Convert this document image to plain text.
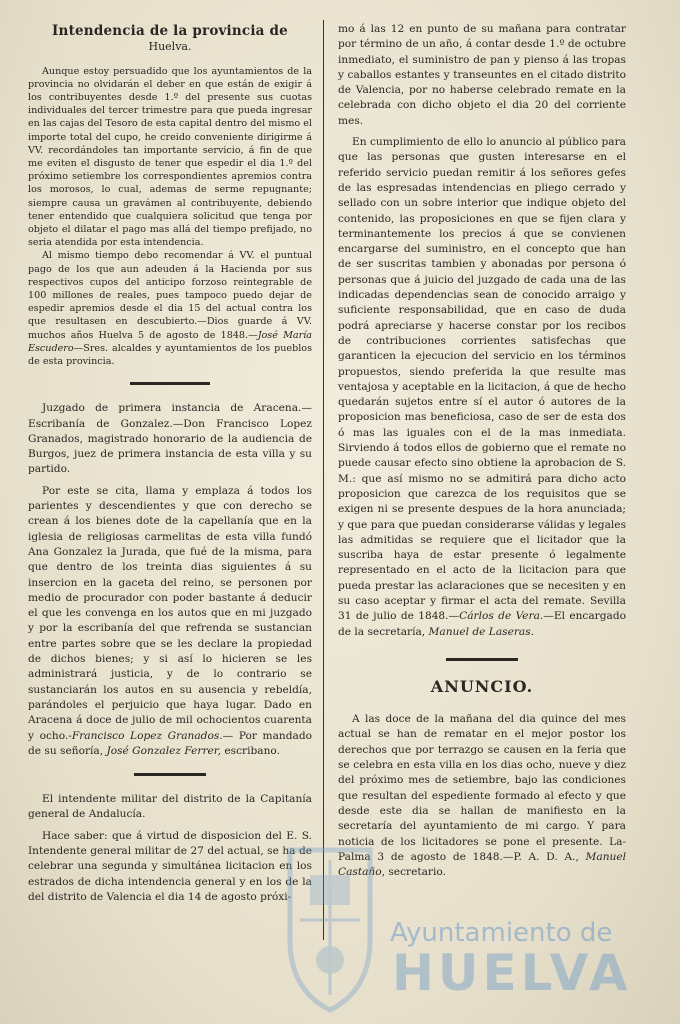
Intendencia de la provincia de
Huelva.

Aunque estoy persuadido que los ayuntamientos de la provincia no olvidarán el deber en que están de exigir á los contribuyentes desde 1.º del presente sus cuotas individuales del tercer trimestre para que pueda ingresar en las cajas del Tesoro de esta capital dentro del mismo el importe total del cupo, he creido conveniente dirigirme á VV. recordándoles tan importante servicio, á fin de que me eviten el disgusto de tener que espedir el dia 1.º del próximo setiembre los correspondientes apremios contra los morosos, lo cual, ademas de serme repugnante; siempre causa un gravámen al contribuyente, debiendo tener entendido que cualquiera solicitud que tenga por objeto el dilatar el pago mas allá del tiempo prefijado, no seria atendida por esta intendencia.

Al mismo tiempo debo recomendar á VV. el puntual pago de los que aun adeuden á la Hacienda por sus respectivos cupos del anticipo forzoso reintegrable de 100 millones de reales, pues tampoco puedo dejar de espedir apremios desde el dia 15 del actual contra los que resultasen en descubierto.—Dios guarde á VV. muchos años Huelva 5 de agosto de 1848.—José María Escudero—Sres. alcaldes y ayuntamientos de los pueblos de esta provincia.

Juzgado de primera instancia de Aracena.—Escribanía de Gonzalez.—Don Francisco Lopez Granados, magistrado honorario de la audiencia de Burgos, juez de primera instancia de esta villa y su partido.

Por este se cita, llama y emplaza á todos los parientes y descendientes y que con derecho se crean á los bienes dote de la capellanía que en la iglesia de religiosas carmelitas de esta villa fundó Ana Gonzalez la Jurada, que fué de la misma, para que dentro de los treinta dias siguientes á su insercion en la gaceta del reino, se personen por medio de procurador con poder bastante á deducir el que les convenga en los autos que en mi juzgado y por la escribanía del que refrenda se sustancian entre partes sobre que se les declare la propiedad de dichos bienes; y si así lo hicieren se les administrará justicia, y de lo contrario se sustanciarán los autos en su ausencia y rebeldía, parándoles el perjuicio que haya lugar. Dado en Aracena á doce de julio de mil ochocientos cuarenta y ocho.-Francisco Lopez Granados.— Por mandado de su señoría, José Gonzalez Ferrer, escribano.

El intendente militar del distrito de la Capitanía general de Andalucía.

Hace saber: que á virtud de disposicion del E. S. Intendente general militar de 27 del actual, se ha de celebrar una segunda y simultánea licitacion en los estrados de dicha intendencia general y en los de la del distrito de Valencia el dia 14 de agosto próxi-

mo á las 12 en punto de su mañana para contratar por término de un año, á contar desde 1.º de octubre inmediato, el suministro de pan y pienso á las tropas y caballos estantes y transeuntes en el citado distrito de Valencia, por no haberse celebrado remate en la celebrada con dicho objeto el dia 20 del corriente mes.

En cumplimiento de ello lo anuncio al público para que las personas que gusten interesarse en el referido servicio puedan remitir á los señores gefes de las espresadas intendencias en pliego cerrado y sellado con un sobre interior que indique objeto del contenido, las proposiciones en que se fijen clara y terminantemente los precios á que se convienen encargarse del suministro, en el concepto que han de ser suscritas tambien y abonadas por persona ó personas que á juicio del juzgado de cada una de las indicadas dependencias sean de conocido arraigo y suficiente responsabilidad, que en caso de duda podrá apreciarse y hacerse constar por los recibos de contribuciones corrientes satisfechas que garanticen la ejecucion del servicio en los términos propuestos, siendo preferida la que resulte mas ventajosa y aceptable en la licitacion, á que de hecho quedarán sujetos entre sí el autor ó autores de la proposicion mas beneficiosa, caso de ser de esta dos ó mas las iguales con el de la mas inmediata. Sirviendo á todos ellos de gobierno que el remate no puede causar efecto sino obtiene la aprobacion de S. M.: que así mismo no se admitirá para dicho acto proposicion que carezca de los requisitos que se exigen ni se presente despues de la hora anunciada; y que para que puedan considerarse válidas y legales las admitidas se requiere que el licitador que la suscriba haya de estar presente ó legalmente representado en el acto de la licitacion para que pueda prestar las aclaraciones que se necesiten y en su caso aceptar y firmar el acta del remate. Sevilla 31 de julio de 1848.—Cárlos de Vera.—El encargado de la secretaría, Manuel de Laseras.

ANUNCIO.

A las doce de la mañana del dia quince del mes actual se han de rematar en el mejor postor los derechos que por terrazgo se causen en la feria que se celebra en esta villa en los dias ocho, nueve y diez del próximo mes de setiembre, bajo las condiciones que resultan del espediente formado al efecto y que desde este dia se hallan de manifiesto en la secretaría del ayuntamiento de mi cargo. Y para noticia de los licitadores se pone el presente. La-Palma 3 de agosto de 1848.—P. A. D. A., Manuel Castaño, secretario.

Ayuntamiento de
HUELVA
